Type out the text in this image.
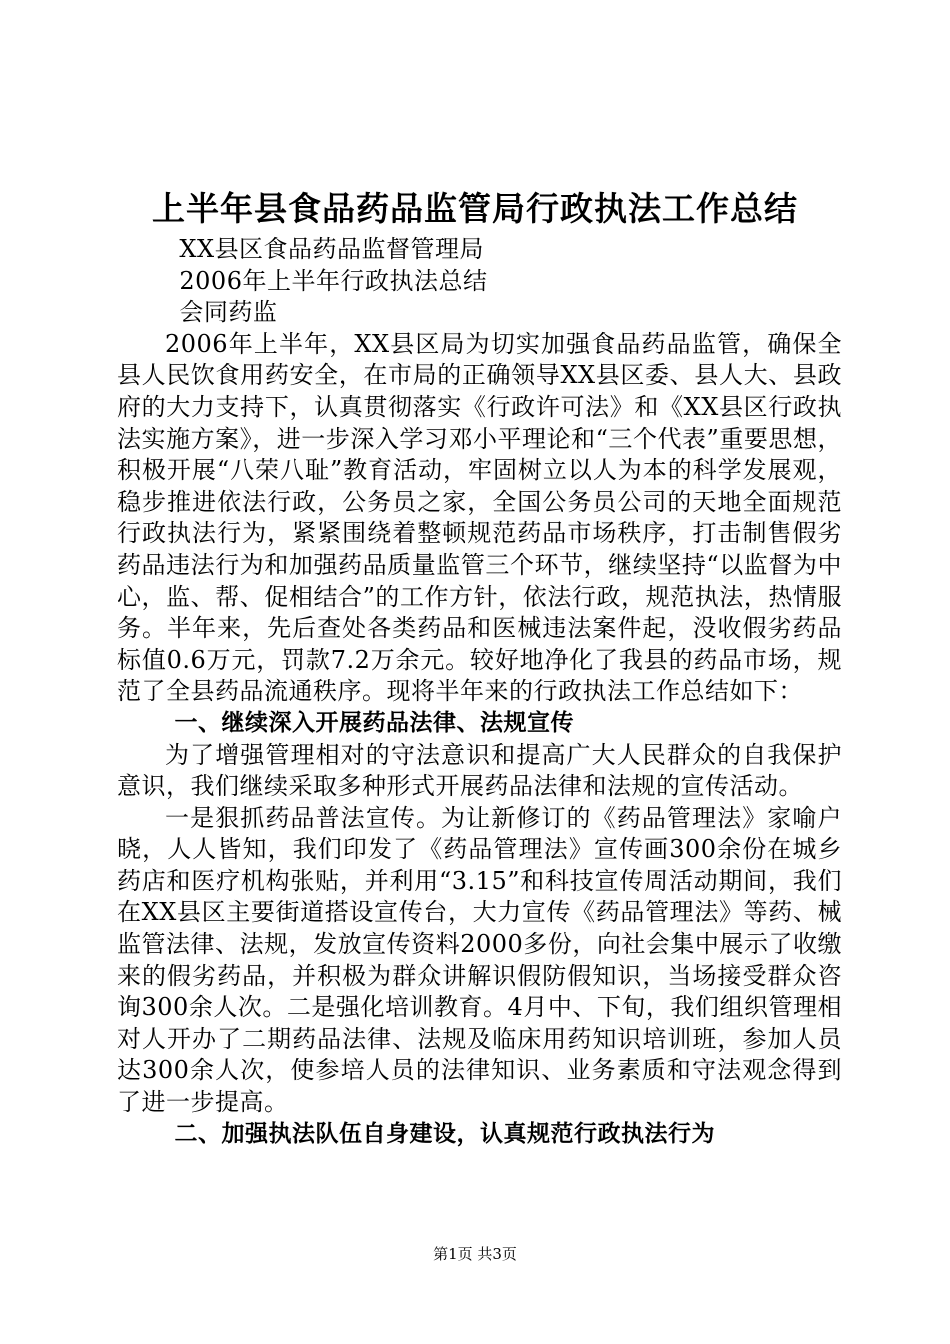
上半年县食品药品监管局行政执法工作总结

XX县区食品药品监督管理局

2006年上半年行政执法总结

会同药监

2006年上半年，XX县区局为切实加强食品药品监管，确保全县人民饮食用药安全，在市局的正确领导XX县区委、县人大、县政府的大力支持下，认真贯彻落实《行政许可法》和《XX县区行政执法实施方案》，进一步深入学习邓小平理论和“三个代表”重要思想，积极开展“八荣八耻”教育活动，牢固树立以人为本的科学发展观，稳步推进依法行政，公务员之家，全国公务员公司的天地全面规范行政执法行为，紧紧围绕着整顿规范药品市场秩序，打击制售假劣药品违法行为和加强药品质量监管三个环节，继续坚持“以监督为中心，监、帮、促相结合”的工作方针，依法行政，规范执法，热情服务。半年来，先后查处各类药品和医械违法案件起，没收假劣药品标值0.6万元，罚款7.2万余元。较好地净化了我县的药品市场，规范了全县药品流通秩序。现将半年来的行政执法工作总结如下：

一、继续深入开展药品法律、法规宣传

为了增强管理相对的守法意识和提高广大人民群众的自我保护意识，我们继续采取多种形式开展药品法律和法规的宣传活动。

一是狠抓药品普法宣传。为让新修订的《药品管理法》家喻户晓，人人皆知，我们印发了《药品管理法》宣传画300余份在城乡药店和医疗机构张贴，并利用“3.15”和科技宣传周活动期间，我们在XX县区主要街道搭设宣传台，大力宣传《药品管理法》等药、械监管法律、法规，发放宣传资料2000多份，向社会集中展示了收缴来的假劣药品，并积极为群众讲解识假防假知识，当场接受群众咨询300余人次。二是强化培训教育。4月中、下旬，我们组织管理相对人开办了二期药品法律、法规及临床用药知识培训班，参加人员达300余人次，使参培人员的法律知识、业务素质和守法观念得到了进一步提高。

二、加强执法队伍自身建设，认真规范行政执法行为
第1页 共3页
